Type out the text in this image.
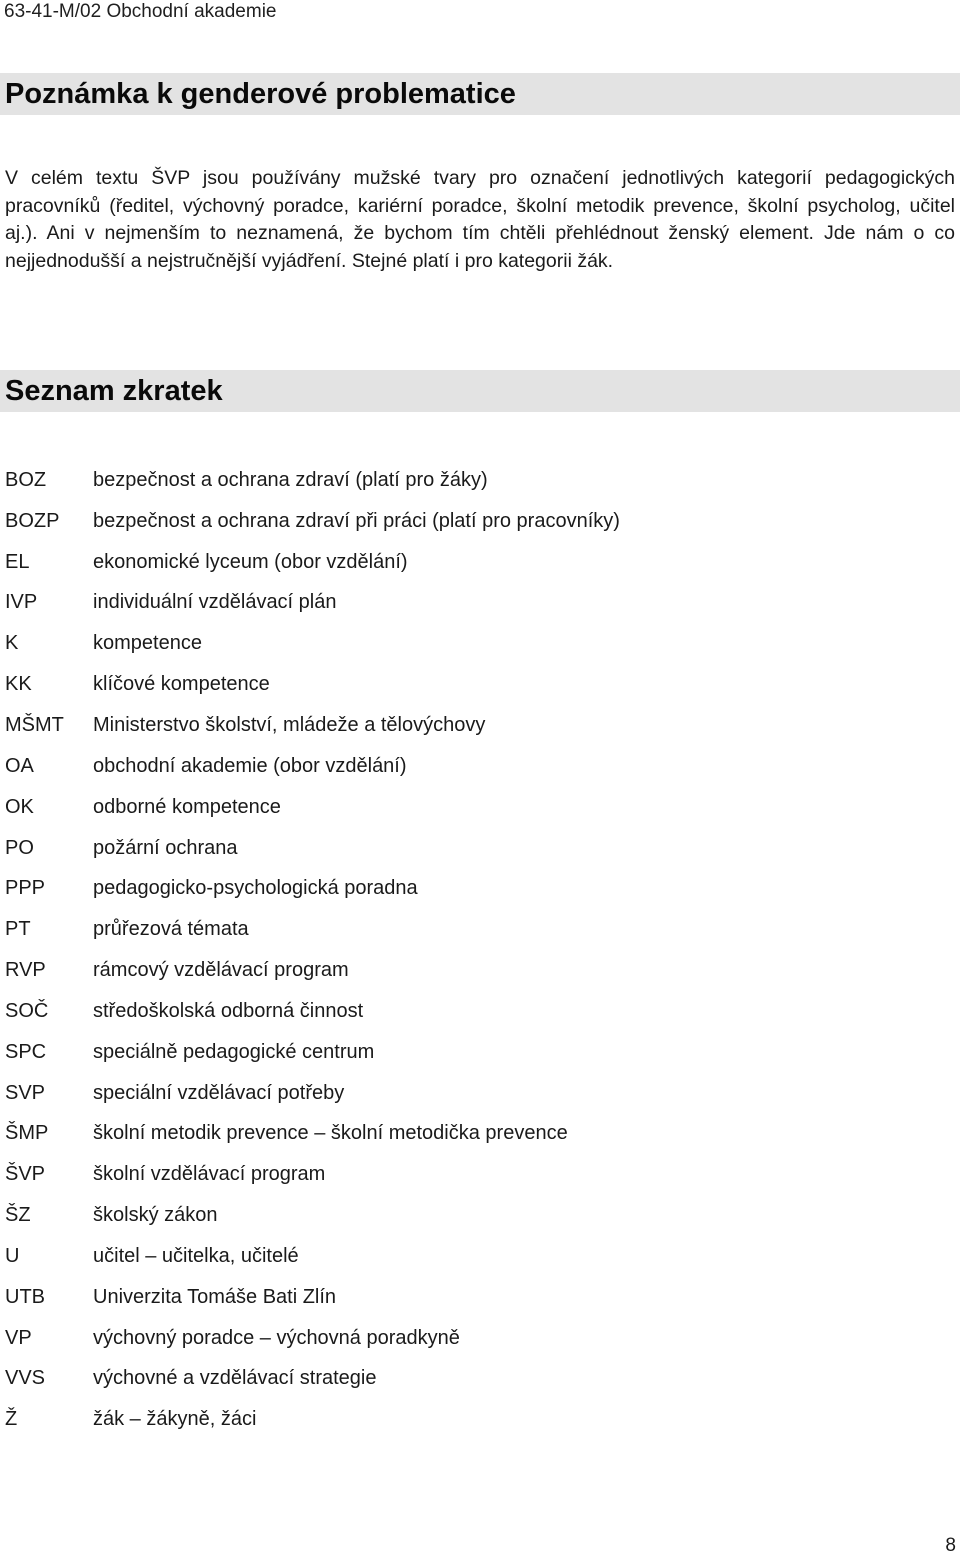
63-41-M/02 Obchodní akademie
Poznámka k genderové problematice

V celém textu ŠVP jsou používány mužské tvary pro označení jednotlivých kategorií pedagogických pracovníků (ředitel, výchovný poradce, kariérní poradce, školní metodik prevence, školní psycholog, učitel aj.). Ani v nejmenším to neznamená, že bychom tím chtěli přehlédnout ženský element. Jde nám o co nejjednodušší a nejstručnější vyjádření. Stejné platí i pro kategorii žák.

Seznam zkratek
BOZ	bezpečnost a ochrana zdraví (platí pro žáky)
BOZP	bezpečnost a ochrana zdraví při práci (platí pro pracovníky)
EL	ekonomické lyceum (obor vzdělání)
IVP	individuální vzdělávací plán
K	kompetence
KK	klíčové kompetence
MŠMT	Ministerstvo školství, mládeže a tělovýchovy
OA	obchodní akademie (obor vzdělání)
OK	odborné kompetence
PO	požární ochrana
PPP	pedagogicko-psychologická poradna
PT	průřezová témata
RVP	rámcový vzdělávací program
SOČ	středoškolská odborná činnost
SPC	speciálně pedagogické centrum
SVP	speciální vzdělávací potřeby
ŠMP	školní metodik prevence – školní metodička prevence
ŠVP	školní vzdělávací program
ŠZ	školský zákon
U	učitel – učitelka, učitelé
UTB	Univerzita Tomáše Bati Zlín
VP	výchovný poradce – výchovná poradkyně
VVS	výchovné a vzdělávací strategie
Ž	žák – žákyně, žáci
8
